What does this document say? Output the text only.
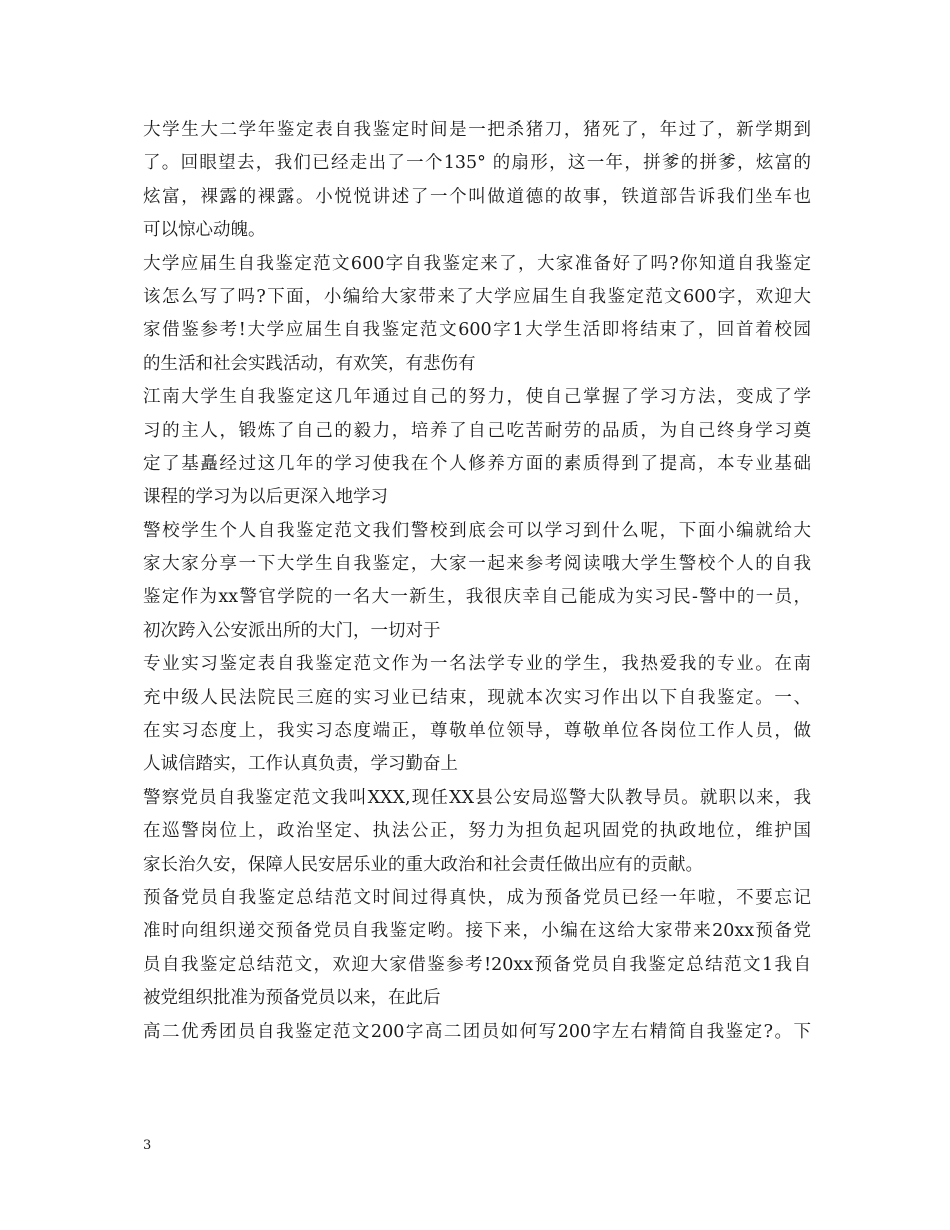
大学生大二学年鉴定表自我鉴定时间是一把杀猪刀，猪死了，年过了，新学期到
了。回眼望去，我们已经走出了一个135° 的扇形，这一年，拼爹的拼爹，炫富的
炫富，裸露的裸露。小悦悦讲述了一个叫做道德的故事，铁道部告诉我们坐车也
可以惊心动魄。
大学应届生自我鉴定范文600字自我鉴定来了，大家准备好了吗?你知道自我鉴定
该怎么写了吗?下面，小编给大家带来了大学应届生自我鉴定范文600字，欢迎大
家借鉴参考!大学应届生自我鉴定范文600字1大学生活即将结束了，回首着校园
的生活和社会实践活动，有欢笑，有悲伤有
江南大学生自我鉴定这几年通过自己的努力，使自己掌握了学习方法，变成了学
习的主人，锻炼了自己的毅力，培养了自己吃苦耐劳的品质，为自己终身学习奠
定了基矗经过这几年的学习使我在个人修养方面的素质得到了提高，本专业基础
课程的学习为以后更深入地学习
警校学生个人自我鉴定范文我们警校到底会可以学习到什么呢，下面小编就给大
家大家分享一下大学生自我鉴定，大家一起来参考阅读哦大学生警校个人的自我
鉴定作为xx警官学院的一名大一新生，我很庆幸自己能成为实习民-警中的一员，
初次跨入公安派出所的大门，一切对于
专业实习鉴定表自我鉴定范文作为一名法学专业的学生，我热爱我的专业。在南
充中级人民法院民三庭的实习业已结束，现就本次实习作出以下自我鉴定。一、
在实习态度上，我实习态度端正，尊敬单位领导，尊敬单位各岗位工作人员，做
人诚信踏实，工作认真负责，学习勤奋上
警察党员自我鉴定范文我叫XXX,现任XX县公安局巡警大队教导员。就职以来，我
在巡警岗位上，政治坚定、执法公正，努力为担负起巩固党的执政地位，维护国
家长治久安，保障人民安居乐业的重大政治和社会责任做出应有的贡献。
预备党员自我鉴定总结范文时间过得真快，成为预备党员已经一年啦，不要忘记
准时向组织递交预备党员自我鉴定哟。接下来，小编在这给大家带来20xx预备党
员自我鉴定总结范文，欢迎大家借鉴参考!20xx预备党员自我鉴定总结范文1我自
被党组织批准为预备党员以来，在此后
高二优秀团员自我鉴定范文200字高二团员如何写200字左右精简自我鉴定?。下
3
